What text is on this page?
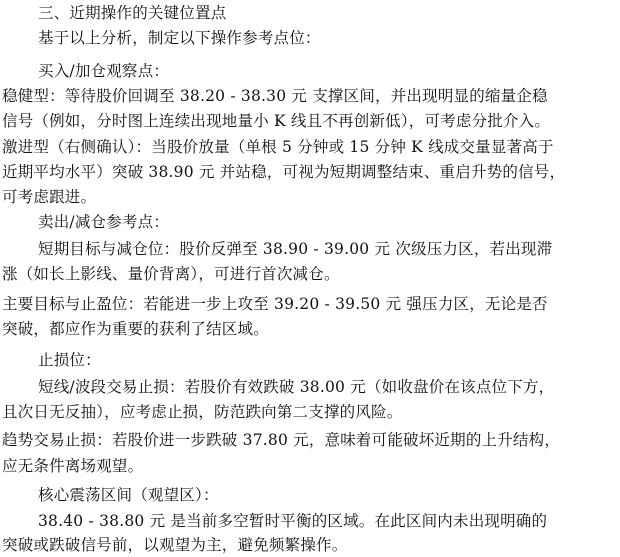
三、近期操作的关键位置点
基于以上分析，制定以下操作参考点位：
买入/加仓观察点：
稳健型：等待股价回调至 38.20 - 38.30 元 支撑区间，并出现明显的缩量企稳
信号（例如，分时图上连续出现地量小 K 线且不再创新低），可考虑分批介入。
激进型（右侧确认）：当股价放量（单根 5 分钟或 15 分钟 K 线成交量显著高于
近期平均水平）突破 38.90 元 并站稳，可视为短期调整结束、重启升势的信号，
可考虑跟进。
卖出/减仓参考点：
短期目标与减仓位：股价反弹至 38.90 - 39.00 元 次级压力区，若出现滞
涨（如长上影线、量价背离），可进行首次减仓。
主要目标与止盈位：若能进一步上攻至 39.20 - 39.50 元 强压力区，无论是否
突破，都应作为重要的获利了结区域。
止损位：
短线/波段交易止损：若股价有效跌破 38.00 元（如收盘价在该点位下方，
且次日无反抽），应考虑止损，防范跌向第二支撑的风险。
趋势交易止损：若股价进一步跌破 37.80 元，意味着可能破坏近期的上升结构，
应无条件离场观望。
核心震荡区间（观望区）：
38.40 - 38.80 元 是当前多空暂时平衡的区域。在此区间内未出现明确的
突破或跌破信号前，以观望为主，避免频繁操作。
